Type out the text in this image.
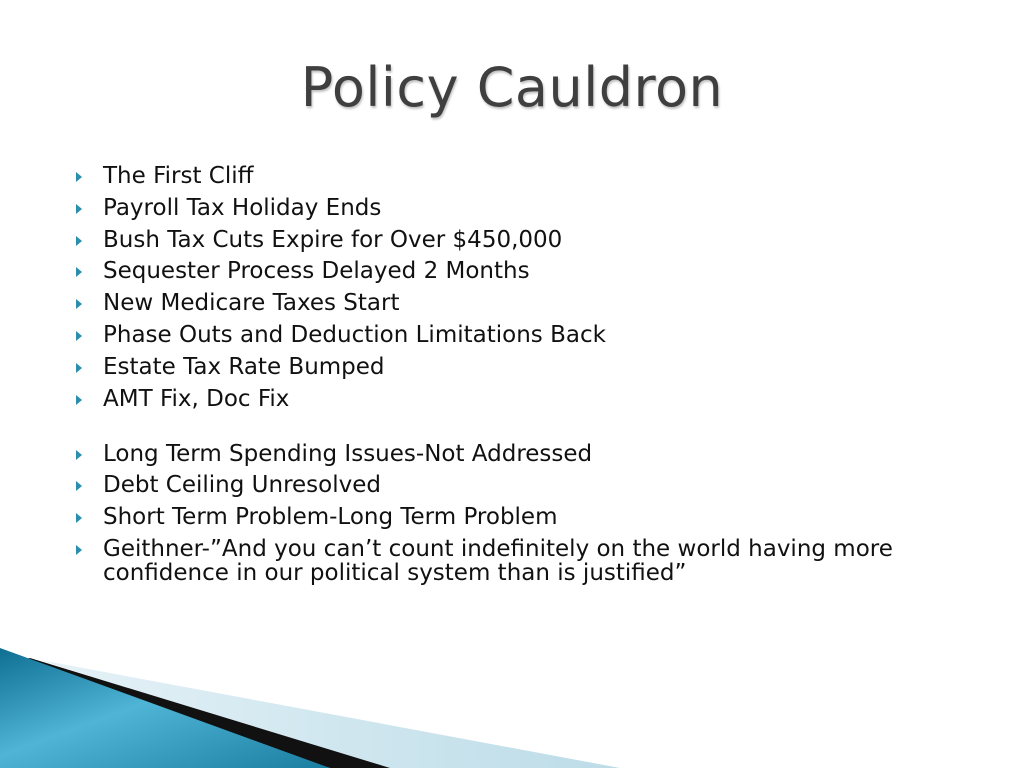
Policy Cauldron
The First Cliff
Payroll Tax Holiday Ends
Bush Tax Cuts Expire for Over $450,000
Sequester Process Delayed 2 Months
New Medicare Taxes Start
Phase Outs and Deduction Limitations Back
Estate Tax Rate Bumped
AMT Fix, Doc Fix
Long Term Spending Issues-Not Addressed
Debt Ceiling Unresolved
Short Term Problem-Long Term Problem
Geithner-”And you can’t count indefinitely on the world having more confidence in our political system than is justified”
